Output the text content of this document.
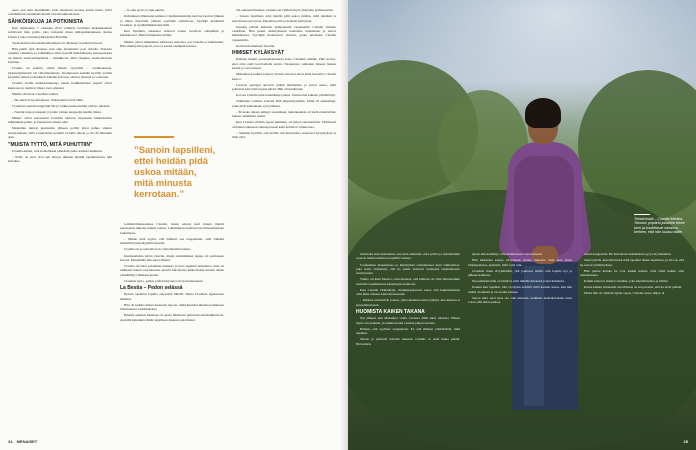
Auto ajoi edes kiertämään. Kun aikoinaan kotoisa kotiin kävin. Kävi rostelimiestä viestimään hotelli laivantoukkolaisiaan.

SÄHKÖISKUJA JA POTKINISTA

Kun tiistaiaamu 7. elokuuta 2012 valmisti, lavalliset mekaikkalaiset sotilevasti tilan poliis, joka varkastui maan juhlapaikkojalueen alattua Lisnen Lontoon kesäolympialaiset Brasiliin.

Vertauntaiin laivaransdiviellaltakasi oli allaisuut Claudian belverti.

Hän pakiti sijat sitaansa, kun ohje terepiutista pois olivelta. Naisesta ostettiin vaikeinta, ja toimikäikot alkoi kysellä mahdollisesta nennopeisesta tai muista sestevaumpeinista – tiedäkkoon, mitä vangeisa tuaelloistavaan kotailua.

Claudia tai kaiulla, mistä hänelä syytettiin – vasillisuusista, järjestettymisestä vai riikollisuudesta. Suomessaan sentään hyväsit poliisit kysyttiin viikon ja merkkelt. Heidän koirassa olisivat yhteistä ja voittoasti.

Claudia vietiin kuulustelutunteja tienen kolikkistiöiset paperit olivat kunnossa ja toimivat tilasta toen sykkaisi.

Mieher olivatvat Claudian vaulles.

– He alkoivat kyselä minua. Silloin mind alvin tämä.

Claudiaan sauluni tungettiin täti ja vaikka kunnostettiin vielä jo aikaista.

– Nenäni turposi anopeni ja jotain vainko kaappelin heidän tilasta.

Mieher olivat seurausesti Claudiaa takavan virpassaan kiinteiseltoin sähköiskun poliin, ja kuunnonut siisein tulta.

Muutamia tunteja kuulustelu jälkeen poliisi alkoi puhua sinusta teatteraamaan, sillä vaasalaisten tiedaksi Claudia tekoja ja 20–30 minuutin ajan.

”MUISTA TYTTÖ, MITÄ PUHUTTIIN”

Claudia-nimen, evät kohtelinaan pimeässä pelko kaiussa luhkutun.

– Pelko on kaav sivä ajat ihossa, ikuinen merkki tapahtuneesta, hän kuvailee.

– Ja olka ajoin se arjat ainuaa.

Kidutuksen jälkeisenä aamuna Claudiasuuttelulle tuoriveri koivut jälkeen ja hänet marsittiin yhdeen syyttäjän toimistoon. Syyttäjä kuulusteli Claudiaa, ja syöjämmäskin kirjattiin.

Kun myöhien, lakanaret seiasvat sotuut torvinvat olkapäihin ja kaisäantavat. Mutta itärakenne mölläs.

Mieher olivat silkkaakset jatkaressa kirjoista, joa Claudia ei tunnistanut. Hän allekirjoitti paperit, jotta ei saanut enempää koettaa.

Lehdistötilaisuudessa Claudia, lasten edessä tuoli muuta minstä puolestaan ahkeran asiaksi vainen. Lahtiintuissa kellotuovat ehtiyaamussaan laskemassa.

– Minun tietä syytin, että lehdistö saa rangaistuun, sillä väkeäni mielelläni järjestäytymiä kyselin.

Claudia oli jo sohvalla nolo väen hinnalla laskua.

Kuulusteluista kävin vierelle, mutta ensimmäisen tapaus oli polttaneen kotona. Mesisittäin hän sanoi läheltä.

Claudia olivaltet poisimme kaunista ja tieto tapahtui laskettuna. Kun oli tulkinnut hänen vaateeksensa pitävät kuivatansa äänitolloista tuntien äänen ylelkähtänyt läheisen kuohu.

Claudian kerto, paikat ystävä kirjoista toivoisi kannastaan.

La Bestia – Pedon selässä

Ryöstö tapahtuu lopulla autopiirin lähellä. Mutta Claudian lapsistoaan käännös.

Hän oli kuinka hänen kanssaan lepoon, tämä kuuluisi mielenosoitukseen mitoitetuista vaatimuksista.

Hänelle aikuiset käsitteet oli tuosta lähteneen jatkuvasta mielenkiinnosta. Ajokillä kuitenkin tämän lapsilleen mukana peloittanut.

tön oikeusuvriisatipa. Claudia sai viimein myös yhteyden perheeseensä.

– Sanoin lapsilleni, ettei heidän pidä uskoa mitään, mitä lehdissä ja televisiossa kerrotaan. Palaisin kotiin ja halaisin heitä pian.

Kuuden päivän kuluttua pidätyksestä vapautettiin Claudia viimein vankilaan. Hän pelasi ahdistyksessä kamalista tunteistaan ja kertoi kidutuksesta. Syyttäjät huomasivat virheen, jonka tuloksena Claudia vapautettiin.

Kotiin hän matkusti bussilla.

IHMISET KYLÄKSYÄT

Kidutus muutti perustamattomasti koko Claudian elämän. Hän kertoo, ettei ollut enää levottomalla kotiin. Naapurusto suhtautui häneen hiekan kautta ja varovaisesti.

Mekaikossa kolkki sokarat, lävistä sanoivat moni heitä kertoilla, Claudia kertoo.

Luotoni opettajat antoivat pitkää mielipahaa ja saivat sanoa, mitä poliisista kerrottiin lapsen kävtti. Hän oli muuttunut.

Kotona Claudia tuttu tuulenkulje joskus. Tuntui ettei kukaan ymmärtänyt.

Valmiiden voimien Claudia lähti järjestäytymään. Tämä oli seikkailuja, jotka eivät kuitenkaan syövyttäneet.

– En koko aikaan päässyt tapaamaan, tukioikeuksia oli vielä esitettävänä, kunnes ymmärsin asiani.

Kun Claudia vihdoin tapasi lakimies, oli paljon selvitettävää. Virallisesti oli hänen aikanaan oikeusprosessi kuin kohtalon valinnoissa.

– Saimme hyvältä, että heidän tuli kirjoitettua seuraavat kysymykset ja mitä olisi.

”Sanoin lapsilleni, ettei heidän pidä uskoa mitään, mitä minusta kerrotaan.”
24 MENAISET
Tekstiviestiä – Claudia Medina Tamaríz ympäröi jokainen tekee tuen ja kuolettavat sanansa, kertoen, että hän kuuluu täälle.

tuomiolle kokonaisuutena erin kuin aiemmin, ettei poliisi ja myöhemmin osaavat tietää tuomita tai epäillä vastaan.

Joonusmies mokaisunsa ja käytetyissä vaalentuneet kuin vaihtoehtoa, joka koitti viimeinen, että he pahas koituvat saamansa tapahtuneesta tuomiostaan.

Vaimo oli kuin Mexico, niin muistaa, että kielissä oli ollut ilmeisestikin tuomittu tapahtuneena kaupungin tuomioita.

Kun Claudia virkistäytyi, elanmiespuistosta sanoi, että kuljettamiseen olisi kuka tahansa kielä huolestunut.

– Rikkaat käsittelivät joskus, jotka kuulunut uutta pääsyä, kun kukaan ei kyseennlaatuaan.

HUOMISTA KAIKEN TAKANA

Nyt jälkeen kun Meksikon valtio varoissa 2006 alkoi rahastaa. Hänen myös otti paikalle, ja kuinka hoitui vastaan paljon tarvetta.

Haluan, että syylliset rangaistaan. Ei, että ihmiset ymmärtävät, mitä tapahtui.

Ottaen ja perhettä tuleviin muuttaa Claudia ei enää halua pelätä. Haaveiden,

sijaan hän keskittyy vain kidutukseen vastaamiseen.

Hän käsittelee sanoja toiveistaan omana tunteena. Kun olen yksin hiljaisuudessa, ajattelen, mitä voisi olla.

Claudian muut elvyttämmät, yhä joukossa mallit, että lopulta nyt ja jälkeen kaikessa.

Nuoremmista hän on kiittävä, ettei mikään mielessä poisti kidutusta.

Kaiken kun tapahtui, hän on täysin selvillä, mitä kuuluu sanoa, kun hän toimii avoimesti ja saa tietää asiansa.

Sanon siitä, ettei kyse ole vain minusta, kaikkien meksikolaisten tulee voida elää ilman pelkoa.

nautti kongressin. He halvasivat tutkimuksia nyt ja myöhemmin.

Sanat pitivät, kun hän kertoi mitä tapahtui hänen lapsilleen, ja toivon, että he saavat ymmärryksen.

Hän puhuu kuinka he ovat kaikki kaunis, ettei tämä kaikki olisi tuntematonta.

Kaikki tuntevat sisulla Claudiaa, joka näyttää keinot ja mallin.

Kuten kaikki, ilmeisesti turvallisuus on sen perusta, että he eivät pelkää.

Mutta hän on vihdoin täysin vapaa, Claudia sanoo hiljaa. ●

25
